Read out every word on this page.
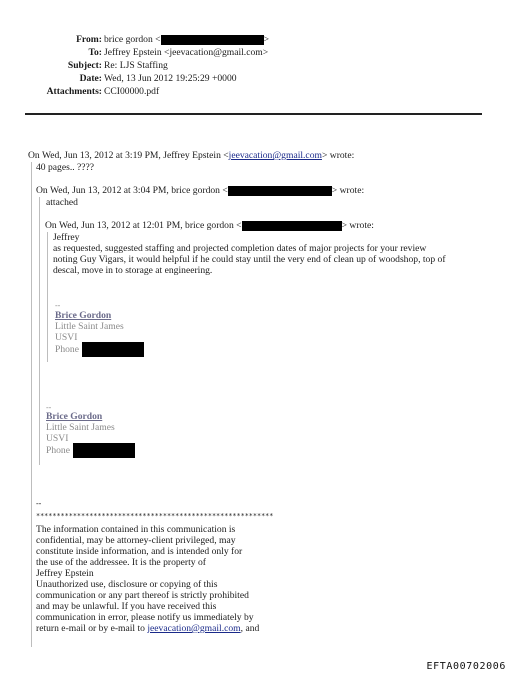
From: brice gordon <	>
To: Jeffrey Epstein <jeevacation@gmail.com>
Subject: Re: LJS Staffing
Date: Wed, 13 Jun 2012 19:25:29 +0000
Attachments: CCI00000.pdf
On Wed, Jun 13, 2012 at 3:19 PM, Jeffrey Epstein <jeevacation@gmail.com> wrote:
40 pages.. ????
On Wed, Jun 13, 2012 at 3:04 PM, brice gordon <	> wrote:
attached
On Wed, Jun 13, 2012 at 12:01 PM, brice gordon <	> wrote:
Jeffrey
as requested, suggested staffing and projected completion dates of major projects for your review
noting Guy Vigars, it would helpful if he could stay until the very end of clean up of woodshop, top of
descal, move in to storage at engineering.
--
Brice Gordon
Little Saint James
USVI
Phone
--
Brice Gordon
Little Saint James
USVI
Phone
--
**********************************************************
The information contained in this communication is
confidential, may be attorney-client privileged, may
constitute inside information, and is intended only for
the use of the addressee. It is the property of
Jeffrey Epstein
Unauthorized use, disclosure or copying of this
communication or any part thereof is strictly prohibited
and may be unlawful. If you have received this
communication in error, please notify us immediately by
return e-mail or by e-mail to jeevacation@gmail.com, and
EFTA00702006
